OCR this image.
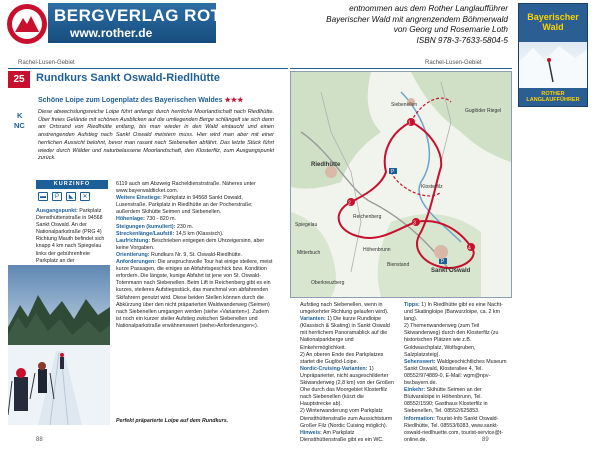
BERGVERLAG ROTHER
www.rother.de
entnommen aus dem Rother Langlaufführer
Bayerischer Wald mit angrenzendem Böhmerwald
von Georg und Rosemarie Loth
ISBN 978-3-7633-5804-5
Bayerischer Wald
ROTHER LANGLAUFFÜHRER
Rachel-Lusen-Gebiet
25	Rundkurs Sankt Oswald-Riedlhütte
Schöne Loipe zum Logenplatz des Bayerischen Waldes ★★★
K
NC
Diese abwechslungsreiche Loipe führt anfangs durch herrliche Moorlandschaft nach Riedlhütte. Über freies Gelände mit schönen Ausblicken auf die umliegenden Berge schlängelt sie sich dann am Ortsrand von Riedlhütte entlang, bis man wieder in den Wald eintaucht und einen anstrengenden Aufstieg nach Sankt Oswald meistern muss. Hier wird man aber mit einer herrlichen Aussicht belohnt, bevor man rasant nach Siebenellen abfährt. Das letzte Stück führt wieder durch Wälder und naturbelassene Moorlandschaft, den Klosterfilz, zum Ausgangspunkt zurück.
KURZINFO
▬	P	◣	✕

Ausgangspunkt: Parkplatz Diensthüttenstraße in 94568 Sankt Oswald. An der Nationalparkstraße (PRG 4) Richtung Mauth befindet sich knapp 4 km nach Spiegelau links der gebührenfreie Parkplatz an der

6119 auch am Abzweig Racheldienstrstraße. Näheres unter www.bayerwaldticket.com.

Weitere Einstiege: Parkplatz in 94568 Sankt Oswald, Lusenstraße. Parkplatz in Riedlhütte an der Pocherstraße; außerdem Skihütte Seimen und Siebenellen.

Höhenlage: 730 - 820 m.

Steigungen (kumuliert): 230 m.

Streckenlänge/Laufstil: 14,5 km (Klassisch).

Laufrichtung: Beschrieben entgegen dem Uhrzeigersinn, aber keine Vorgaben.

Orientierung: Rundkurs Nr. 9, St. Oswald-Riedlhütte.

Anforderungen: Die anspruchsvolle Tour hat einige steilere, meist kurze Passagen, die einiges an Abfahrtsgeschick bzw. Kondition erfordern. Die längste, kunige Abfahrt ist jene von St. Oswald-Totenmann nach Siebenellen. Beim Lift in Reichenberg gibt es ein kurzes, steileres Aufstiegsstück, das manchmal von abfahrenden Skifahrern genutzt wird. Diese beiden Stellen können durch die Abkürzung über den nicht präparierten Waldwanderweg (Seimen) nach Siebenellen umgangen werden (siehe »Varianten«). Zudem ist noch ein kurzer steiler Aufstieg zwischen Siebenellen und Nationalparkstraße erwähnenswert (siehe»Anforderungen«).

Perfekt präparierte Loipe auf dem Rundkurs.
88
Rachel-Lusen-Gebiet
1
2
3
4
P
P
Siebenellen
Guglöder Riegel
Riedlhütte
Sankt Oswald
Klosterfilz
Höhenbrunn
Spiegelau
Reichenberg
Bienstand
Mitterbuch
Oberkreuzberg

Aufstieg nach Siebenellen, wenn in umgekehrter Richtung gelaufen wird).

Varianten: 1) Die kurze Rundloipe (Klassisch & Skating) in Sankt Oswald mit herrlichem Panoramablick auf die Nationalparkberge und Einkehrmöglichkeit.

2) An oberen Ende des Parkplatzes startet die Guglöd-Loipe.

Nordic-Cruising-Varianten: 1) Unpräparierter, nicht ausgeschilderter Skiwanderweg (2,8 km) von der Großen Ohe durch das Moorgebiet Klosterfilz nach Siebenellen (kürzt die Hauptstrecke ab).

2) Winterwanderung vom Parkplatz Dienstthüttenstraße zum Aussichtsturm Großer Filz (Nordic Cuising möglich).

Hinweis: Am Parkplatz Dienstthüttenstraße gibt es ein WC.

Tipps: 1) In Riedlhütte gibt es eine Nacht- und Skatingloipe (Barwurzloipe, ca. 2 km lang).

2) Themenwanderweg (zum Teil Skiwanderweg) durch den Klosterfilz (zu historischen Plätzen wie z.B. Goldwaschplatz, Wolfsgruben, Salzplatzsteig).

Sehenswert: Waldgeschichtliches Museum Sankt Oswald, Klosterallee 4, Tel. 08552/974889-0, E-Mail: wgm@npv-bw.bayern.de.

Einkehr: Skihütte Seimen an der Blutvaraloipe in Höhenbrunn, Tel. 08552/1590; Gasthaus Klosterfilz in Siebenellen, Tel. 08552/625853.

Information: Tourist-Info Sankt Oswald-Riedlhütte, Tel. 08553/6083, www.sankt-oswald-riedlhuette.com, tourist-service@t-online.de.	89
